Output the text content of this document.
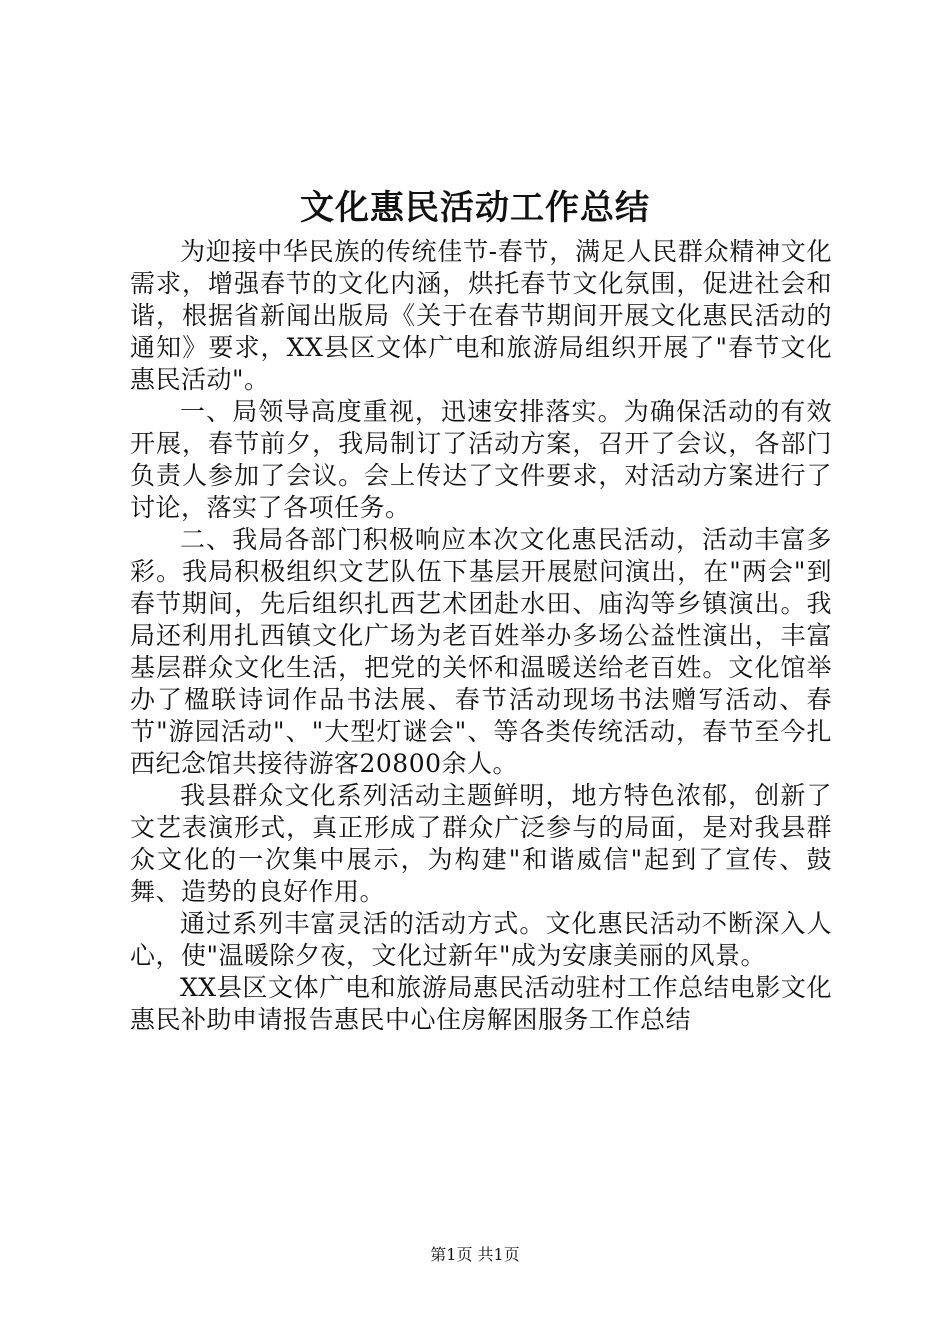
文化惠民活动工作总结

为迎接中华民族的传统佳节-春节，满足人民群众精神文化需求，增强春节的文化内涵，烘托春节文化氛围，促进社会和谐，根据省新闻出版局《关于在春节期间开展文化惠民活动的通知》要求，XX县区文体广电和旅游局组织开展了"春节文化惠民活动"。

一、局领导高度重视，迅速安排落实。为确保活动的有效开展，春节前夕，我局制订了活动方案，召开了会议，各部门负责人参加了会议。会上传达了文件要求，对活动方案进行了讨论，落实了各项任务。

二、我局各部门积极响应本次文化惠民活动，活动丰富多彩。我局积极组织文艺队伍下基层开展慰问演出，在"两会"到春节期间，先后组织扎西艺术团赴水田、庙沟等乡镇演出。我局还利用扎西镇文化广场为老百姓举办多场公益性演出，丰富基层群众文化生活，把党的关怀和温暖送给老百姓。文化馆举办了楹联诗词作品书法展、春节活动现场书法赠写活动、春节"游园活动"、"大型灯谜会"、等各类传统活动，春节至今扎西纪念馆共接待游客20800余人。

我县群众文化系列活动主题鲜明，地方特色浓郁，创新了文艺表演形式，真正形成了群众广泛参与的局面，是对我县群众文化的一次集中展示，为构建"和谐威信"起到了宣传、鼓舞、造势的良好作用。

通过系列丰富灵活的活动方式。文化惠民活动不断深入人心，使"温暖除夕夜，文化过新年"成为安康美丽的风景。

XX县区文体广电和旅游局惠民活动驻村工作总结电影文化惠民补助申请报告惠民中心住房解困服务工作总结

第1页 共1页
